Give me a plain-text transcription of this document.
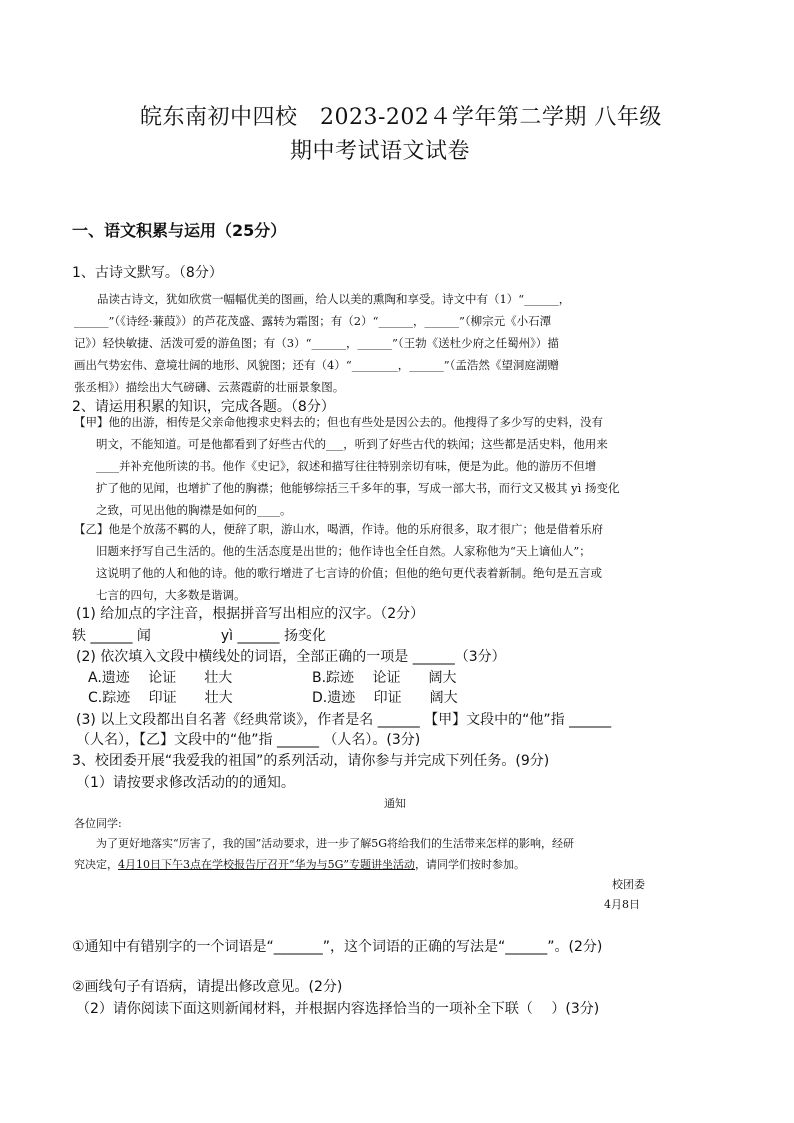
皖东南初中四校　2023-202４学年第二学期 八年级
期中考试语文试卷
一、语文积累与运用（25分）
1、古诗文默写。（8分）
　　品读古诗文，犹如欣赏一幅幅优美的图画，给人以美的熏陶和享受。诗文中有（1）“______，
______”（《诗经·蒹葭》）的芦花茂盛、露转为霜图；有（2）“______，______”（柳宗元《小石潭
记》）轻快敏捷、活泼可爱的游鱼图；有（3）“______，______”（王勃《送杜少府之任蜀州》）描
画出气势宏伟、意境壮阔的地形、风貌图；还有（4）“________，______”（孟浩然《望洞庭湖赠
张丞相》）描绘出大气磅礴、云蒸霞蔚的壮丽景象图。
2、请运用积累的知识，完成各题。（8分）
【甲】他的出游，相传是父亲命他搜求史料去的；但也有些处是因公去的。他搜得了多少写的史料，没有
明文，不能知道。可是他都看到了好些古代的___，听到了好些古代的轶闻；这些都是活史料，他用来
____并补充他所读的书。他作《史记》，叙述和描写往往特别亲切有味，便是为此。他的游历不但增
扩了他的见闻，也增扩了他的胸襟；他能够综括三千多年的事，写成一部大书，而行文又极其 yì 扬变化
之致，可见出他的胸襟是如何的____。
【乙】他是个放荡不羁的人，便辞了职，游山水，喝酒，作诗。他的乐府很多，取才很广；他是借着乐府
旧题来抒写自己生活的。他的生活态度是出世的；他作诗也全任自然。人家称他为“天上谪仙人”；
这说明了他的人和他的诗。他的歌行增进了七言诗的价值；但他的绝句更代表着新制。绝句是五言或
七言的四句，大多数是谐调。
(1) 给加点的字注音，根据拼音写出相应的汉字。（2分）
轶 ______ 闻　　　　　yì ______ 扬变化
(2) 依次填入文段中横线处的词语，全部正确的一项是 ______（3分）
A.遗迹　 论证　　壮大	B.踪迹　 论证　　阔大
C.踪迹　 印证　　壮大	D.遗迹　 印证　　阔大
(3) 以上文段都出自名著《经典常谈》，作者是名 ______ 【甲】文段中的“他”指 ______
（人名），【乙】文段中的“他”指 ______ （人名）。(3分)
3、校团委开展“我爱我的祖国”的系列活动，请你参与并完成下列任务。(9分)
（1）请按要求修改活动的的通知。
通知
各位同学:
　　为了更好地落实“厉害了，我的国”活动要求，进一步了解5G将给我们的生活带来怎样的影响，经研
究决定，4月10日下午3点在学校报告厅召开“华为与5G”专题讲坐活动，请同学们按时参加。
校团委
4月8日
①通知中有错别字的一个词语是“_______”，这个词语的正确的写法是“______”。(2分)
②画线句子有语病，请提出修改意见。(2分)
（2）请你阅读下面这则新闻材料，并根据内容选择恰当的一项补全下联（　 ）(3分)
